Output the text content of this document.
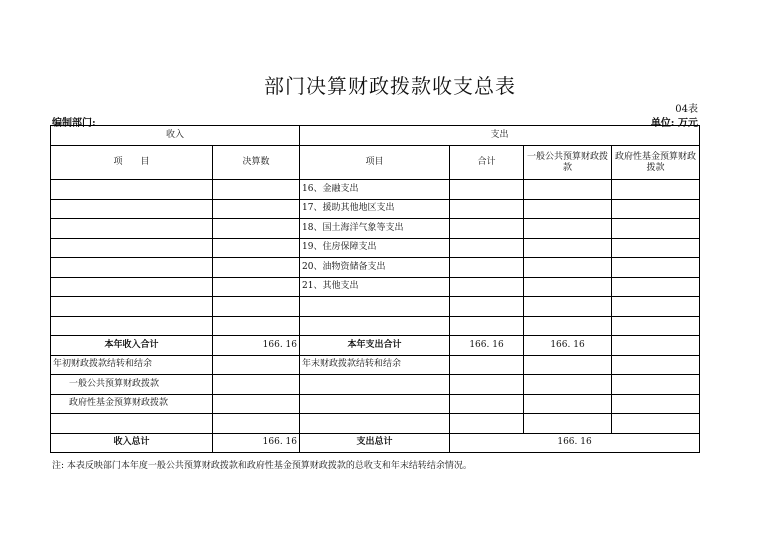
部门决算财政拨款收支总表
04表
编制部门:	单位: 万元
收入		支出			
项　　目	决算数	项目	合计	一般公共预算财政拨款	政府性基金预算财政拨款
		16、金融支出			
		17、援助其他地区支出			
		18、国土海洋气象等支出			
		19、住房保障支出			
		20、油物资储备支出			
		21、其他支出			

本年收入合计	166. 16	本年支出合计	166. 16	166. 16	
年初财政拨款结转和结余		年末财政拨款结转和结余			
一般公共预算财政拨款					
政府性基金预算财政拨款					

收入总计	166. 16	支出总计	166. 16		
注: 本表反映部门本年度一般公共预算财政拨款和政府性基金预算财政拨款的总收支和年末结转结余情况。
